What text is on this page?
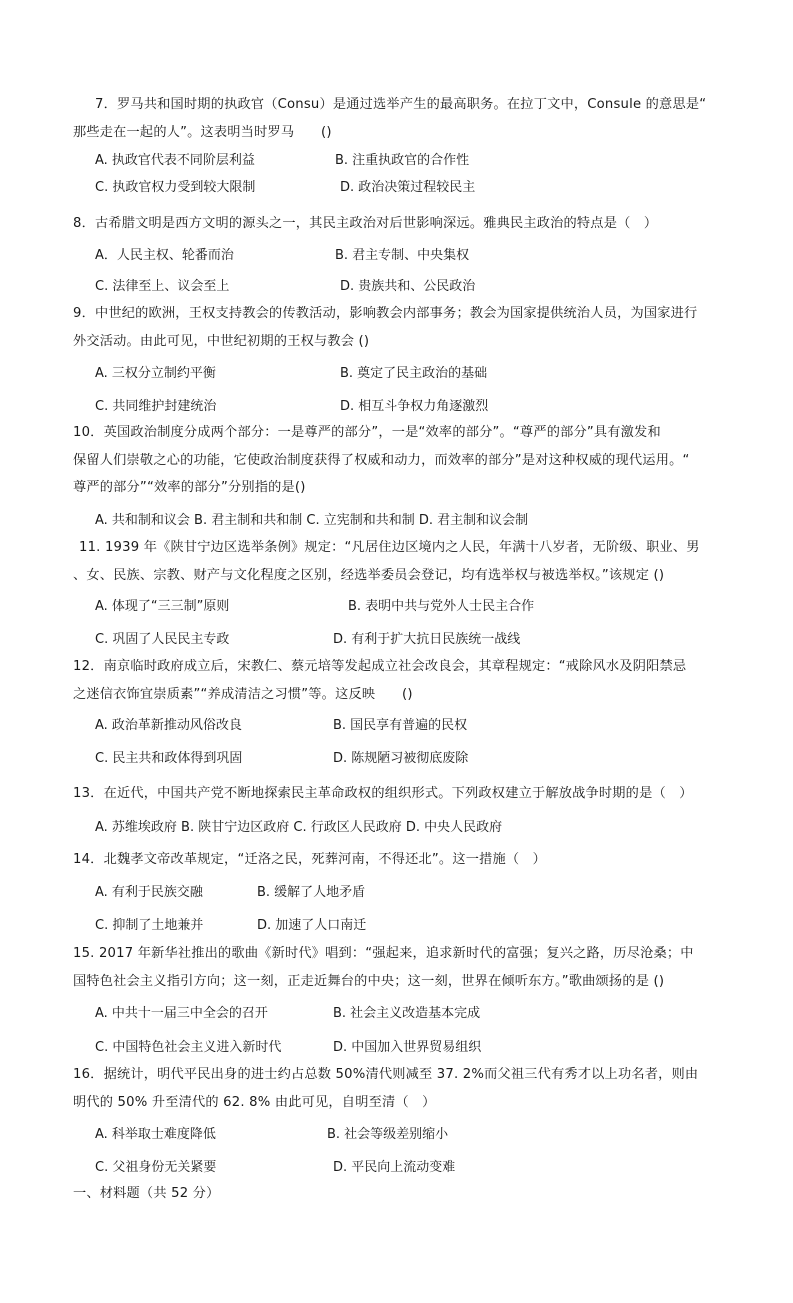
7．罗马共和国时期的执政官（Consu）是通过选举产生的最高职务。在拉丁文中，Consule 的意思是“
那些走在一起的人”。这表明当时罗马　　()
A. 执政官代表不同阶层利益	B. 注重执政官的合作性
C. 执政官权力受到较大限制	D. 政治决策过程较民主
8．古希腊文明是西方文明的源头之一，其民主政治对后世影响深远。雅典民主政治的特点是（　）
A．人民主权、轮番而治	B. 君主专制、中央集权
C. 法律至上、议会至上	D. 贵族共和、公民政治
9．中世纪的欧洲，王权支持教会的传教活动，影响教会内部事务；教会为国家提供统治人员，为国家进行
外交活动。由此可见，中世纪初期的王权与教会 ()
A. 三权分立制约平衡	B. 奠定了民主政治的基础
C. 共同维护封建统治	D. 相互斗争权力角逐激烈
10．英国政治制度分成两个部分：一是尊严的部分”，一是“效率的部分”。“尊严的部分”具有激发和
保留人们崇敬之心的功能，它使政治制度获得了权威和动力，而效率的部分”是对这种权威的现代运用。“
尊严的部分”“效率的部分”分别指的是()
A. 共和制和议会 B. 君主制和共和制 C. 立宪制和共和制 D. 君主制和议会制
11. 1939 年《陕甘宁边区选举条例》规定：“凡居住边区境内之人民，年满十八岁者，无阶级、职业、男
、女、民族、宗教、财产与文化程度之区别，经选举委员会登记，均有选举权与被选举权。”该规定 ()
A. 体现了“三三制”原则	B. 表明中共与党外人士民主合作
C. 巩固了人民民主专政	D. 有利于扩大抗日民族统一战线
12．南京临时政府成立后，宋教仁、蔡元培等发起成立社会改良会，其章程规定：“戒除风水及阴阳禁忌
之迷信衣饰宜崇质素”“养成清洁之习惯”等。这反映　　()
A. 政治革新推动风俗改良	B. 国民享有普遍的民权
C. 民主共和政体得到巩固	D. 陈规陋习被彻底废除
13．在近代，中国共产党不断地探索民主革命政权的组织形式。下列政权建立于解放战争时期的是（　）
A. 苏维埃政府 B. 陕甘宁边区政府 C. 行政区人民政府 D. 中央人民政府
14．北魏孝文帝改革规定，“迁洛之民，死葬河南，不得还北”。这一措施（　）
A. 有利于民族交融	B. 缓解了人地矛盾
C. 抑制了土地兼并	D. 加速了人口南迁
15. 2017 年新华社推出的歌曲《新时代》唱到：“强起来，追求新时代的富强；复兴之路，历尽沧桑；中
国特色社会主义指引方向；这一刻，正走近舞台的中央；这一刻，世界在倾听东方。”歌曲颂扬的是 ()
A. 中共十一届三中全会的召开	B. 社会主义改造基本完成
C. 中国特色社会主义进入新时代	D. 中国加入世界贸易组织
16．据统计，明代平民出身的进士约占总数 50%清代则减至 37. 2%而父祖三代有秀才以上功名者，则由
明代的 50% 升至清代的 62. 8% 由此可见，自明至清（　）
A. 科举取士难度降低	B. 社会等级差别缩小
C. 父祖身份无关紧要	D. 平民向上流动变难
一、材料题（共 52 分）
